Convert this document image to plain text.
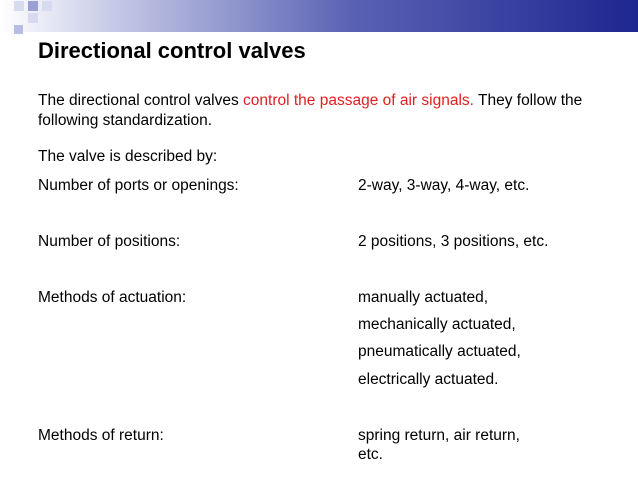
Directional control valves
The directional control valves control the passage of air signals. They follow the following standardization.
The valve is described by:
Number of ports or openings:	2-way, 3-way, 4-way, etc.
Number of positions:	2 positions, 3 positions, etc.
Methods of actuation:	manually actuated,
mechanically actuated,
pneumatically actuated,
electrically actuated.
Methods of return:	spring return, air return,
etc.
